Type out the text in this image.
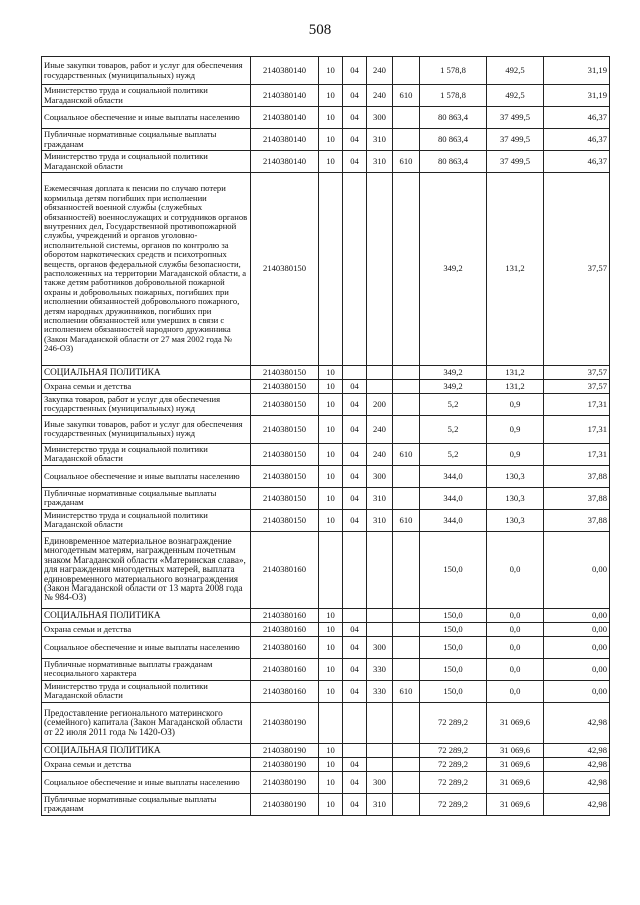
508
Иные закупки товаров, работ и услуг для обеспечения государственных (муниципальных) нужд	2140380140	10	04	240		1 578,8	492,5	31,19
Министерство труда и социальной политики Магаданской области	2140380140	10	04	240	610	1 578,8	492,5	31,19
Социальное обеспечение и иные выплаты населению	2140380140	10	04	300		80 863,4	37 499,5	46,37
Публичные нормативные социальные выплаты гражданам	2140380140	10	04	310		80 863,4	37 499,5	46,37
Министерство труда и социальной политики Магаданской области	2140380140	10	04	310	610	80 863,4	37 499,5	46,37
Ежемесячная доплата к пенсии по случаю потери кормильца детям погибших при исполнении обязанностей военной службы (служебных обязанностей) военнослужащих и сотрудников органов внутренних дел, Государственной противопожарной службы, учреждений и органов уголовно-исполнительной системы, органов по контролю за оборотом наркотических средств и психотропных веществ, органов федеральной службы безопасности, расположенных на территории Магаданской области, а также детям работников добровольной пожарной охраны и добровольных пожарных, погибших при исполнении обязанностей добровольного пожарного, детям народных дружинников, погибших при исполнении обязанностей или умерших в связи с исполнением обязанностей народного дружинника (Закон Магаданской области от 27 мая 2002 года № 246-ОЗ)	2140380150					349,2	131,2	37,57
СОЦИАЛЬНАЯ ПОЛИТИКА	2140380150	10				349,2	131,2	37,57
Охрана семьи и детства	2140380150	10	04			349,2	131,2	37,57
Закупка товаров, работ и услуг для обеспечения государственных (муниципальных) нужд	2140380150	10	04	200		5,2	0,9	17,31
Иные закупки товаров, работ и услуг для обеспечения государственных (муниципальных) нужд	2140380150	10	04	240		5,2	0,9	17,31
Министерство труда и социальной политики Магаданской области	2140380150	10	04	240	610	5,2	0,9	17,31
Социальное обеспечение и иные выплаты населению	2140380150	10	04	300		344,0	130,3	37,88
Публичные нормативные социальные выплаты гражданам	2140380150	10	04	310		344,0	130,3	37,88
Министерство труда и социальной политики Магаданской области	2140380150	10	04	310	610	344,0	130,3	37,88
Единовременное материальное вознаграждение многодетным матерям, награжденным почетным знаком Магаданской области «Материнская слава», для награждения многодетных матерей, выплата единовременного материального вознаграждения (Закон Магаданской области от 13 марта 2008 года № 984-ОЗ)	2140380160					150,0	0,0	0,00
СОЦИАЛЬНАЯ ПОЛИТИКА	2140380160	10				150,0	0,0	0,00
Охрана семьи и детства	2140380160	10	04			150,0	0,0	0,00
Социальное обеспечение и иные выплаты населению	2140380160	10	04	300		150,0	0,0	0,00
Публичные нормативные выплаты гражданам несоциального характера	2140380160	10	04	330		150,0	0,0	0,00
Министерство труда и социальной политики Магаданской области	2140380160	10	04	330	610	150,0	0,0	0,00
Предоставление регионального материнского (семейного) капитала (Закон Магаданской области от 22 июля 2011 года № 1420-ОЗ)	2140380190					72 289,2	31 069,6	42,98
СОЦИАЛЬНАЯ ПОЛИТИКА	2140380190	10				72 289,2	31 069,6	42,98
Охрана семьи и детства	2140380190	10	04			72 289,2	31 069,6	42,98
Социальное обеспечение и иные выплаты населению	2140380190	10	04	300		72 289,2	31 069,6	42,98
Публичные нормативные социальные выплаты гражданам	2140380190	10	04	310		72 289,2	31 069,6	42,98
